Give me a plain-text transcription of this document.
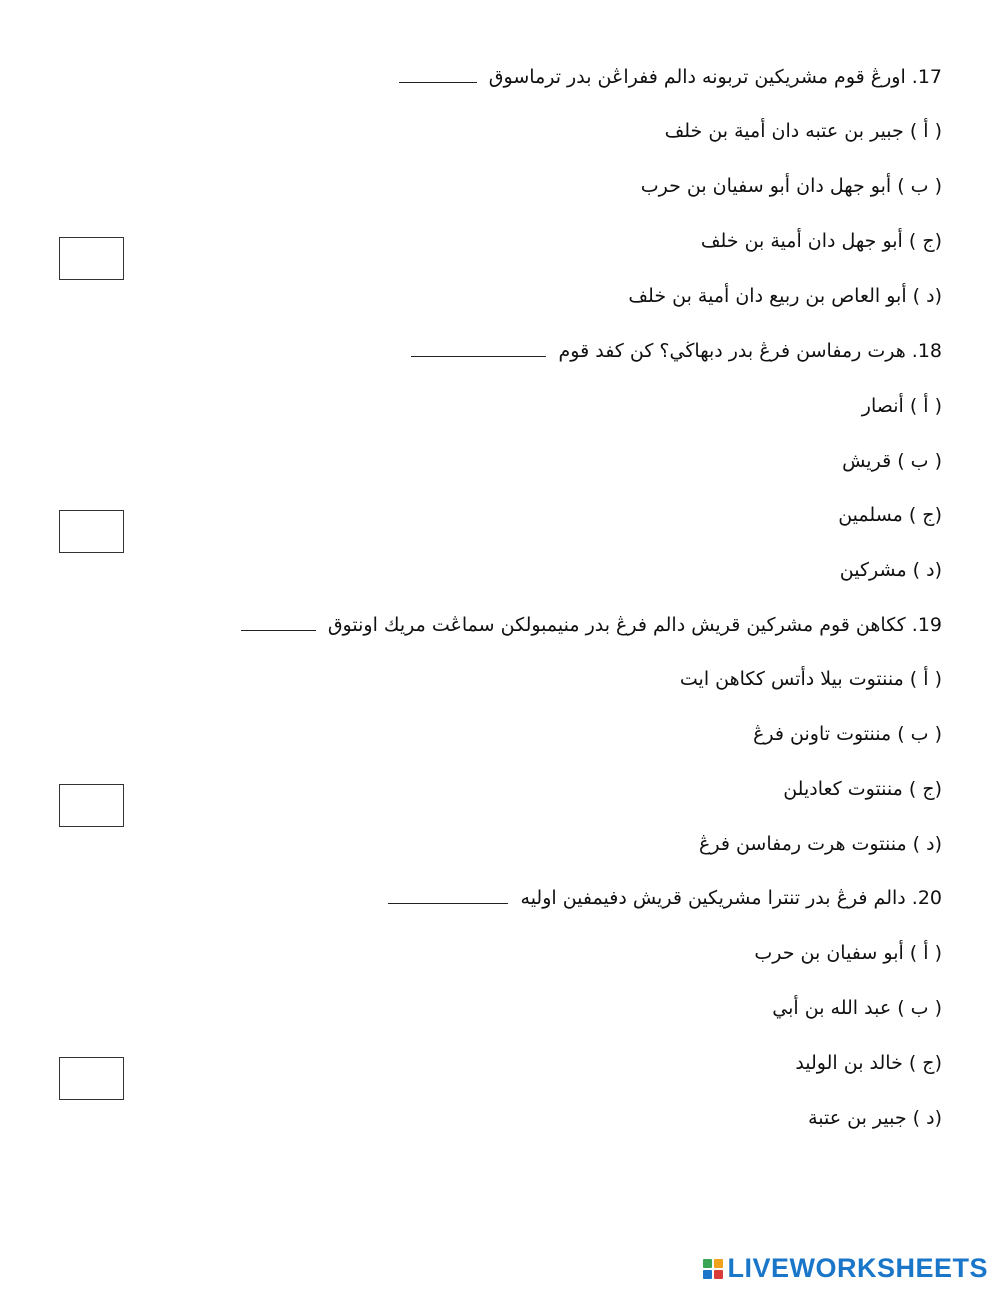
17. اورڠ قوم مشريکين تربونه دالم ففراڠن بدر ترماسوق
( أ ) جبير بن عتبه دان أمية بن خلف
( ب ) أبو جهل دان أبو سفيان بن حرب
(ج ) أبو جهل دان أمية بن خلف
(د ) أبو العاص بن ربيع دان أمية بن خلف
18. هرت رمفاسن فرڠ بدر دبهاڬي؟ کن کفد قوم
( أ ) أنصار
( ب ) قريش
(ج ) مسلمين
(د ) مشركين
19. ككاهن قوم مشرکين قريش دالم فرڠ بدر منيمبولکن سماڠت مريك اونتوق
( أ ) مننتوت بيلا دأتس ككاهن ايت
( ب ) مننتوت تاونن فرڠ
(ج ) مننتوت كعاديلن
(د ) مننتوت هرت رمفاسن فرڠ
20. دالم فرڠ بدر تنترا مشريکين قريش دفيمفين اوليه
( أ ) أبو سفيان بن حرب
( ب ) عبد الله بن أبي
(ج ) خالد بن الوليد
(د ) جبير بن عتبة
LIVEWORKSHEETS
